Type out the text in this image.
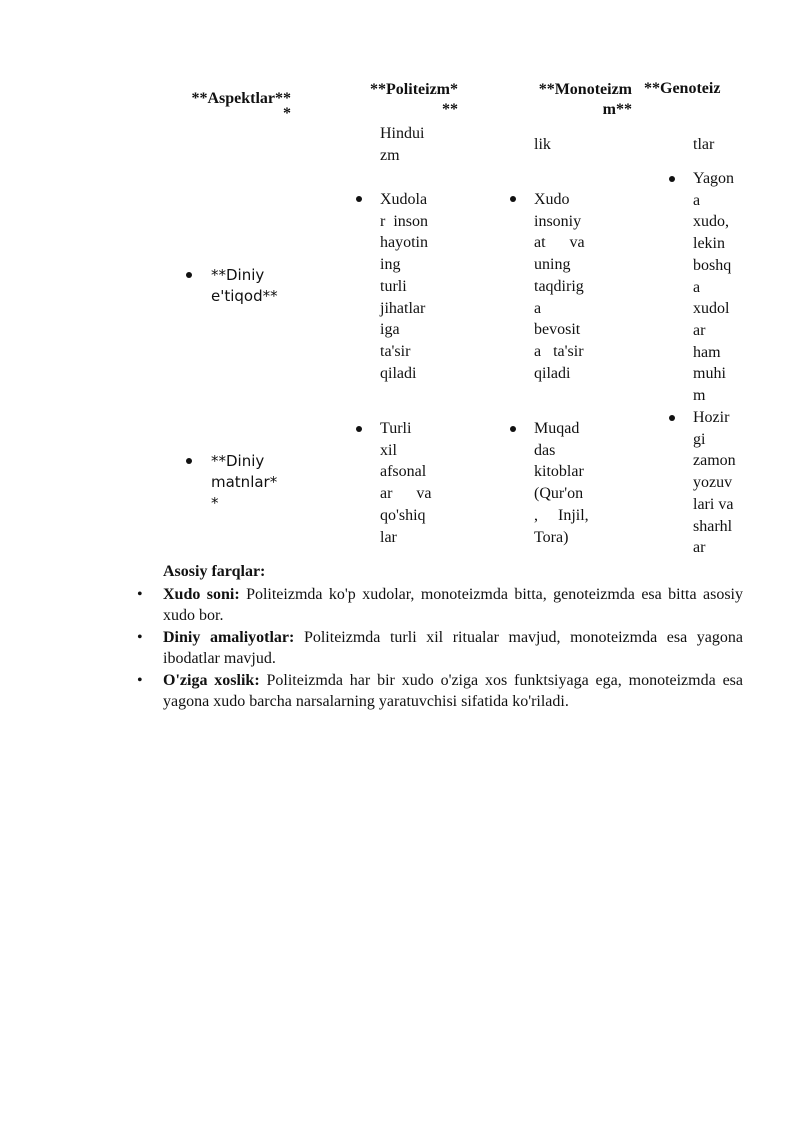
**Aspektlar**
*
**Politeizm*
**
**Monoteizm
m**
**Genoteiz
Hindui
zm
lik	tlar
**Diniy
e'tiqod**
Xudola
r  inson
hayotin
ing
turli
jihatlar
iga
ta'sir
qiladi
Xudo
insoniy
at      va
uning
taqdirig
a
bevosit
a   ta'sir
qiladi
Yagon
a
xudo,
lekin
boshq
a
xudol
ar
ham
muhi
m
**Diniy
matnlar*
*
Turli
xil
afsonal
ar      va
qo'shiq
lar
Muqad
das
kitoblar
(Qur'on
,     Injil,
Tora)
Hozir
gi
zamon
yozuv
lari va
sharhl
ar
Asosiy farqlar:
• Xudo soni: Politeizmda ko'p xudolar, monoteizmda bitta, genoteizmda esa bitta asosiy xudo bor.
• Diniy amaliyotlar: Politeizmda turli xil ritualar mavjud, monoteizmda esa yagona ibodatlar mavjud.
• O'ziga xoslik: Politeizmda har bir xudo o'ziga xos funktsiyaga ega, monoteizmda esa yagona xudo barcha narsalarning yaratuvchisi sifatida ko'riladi.
